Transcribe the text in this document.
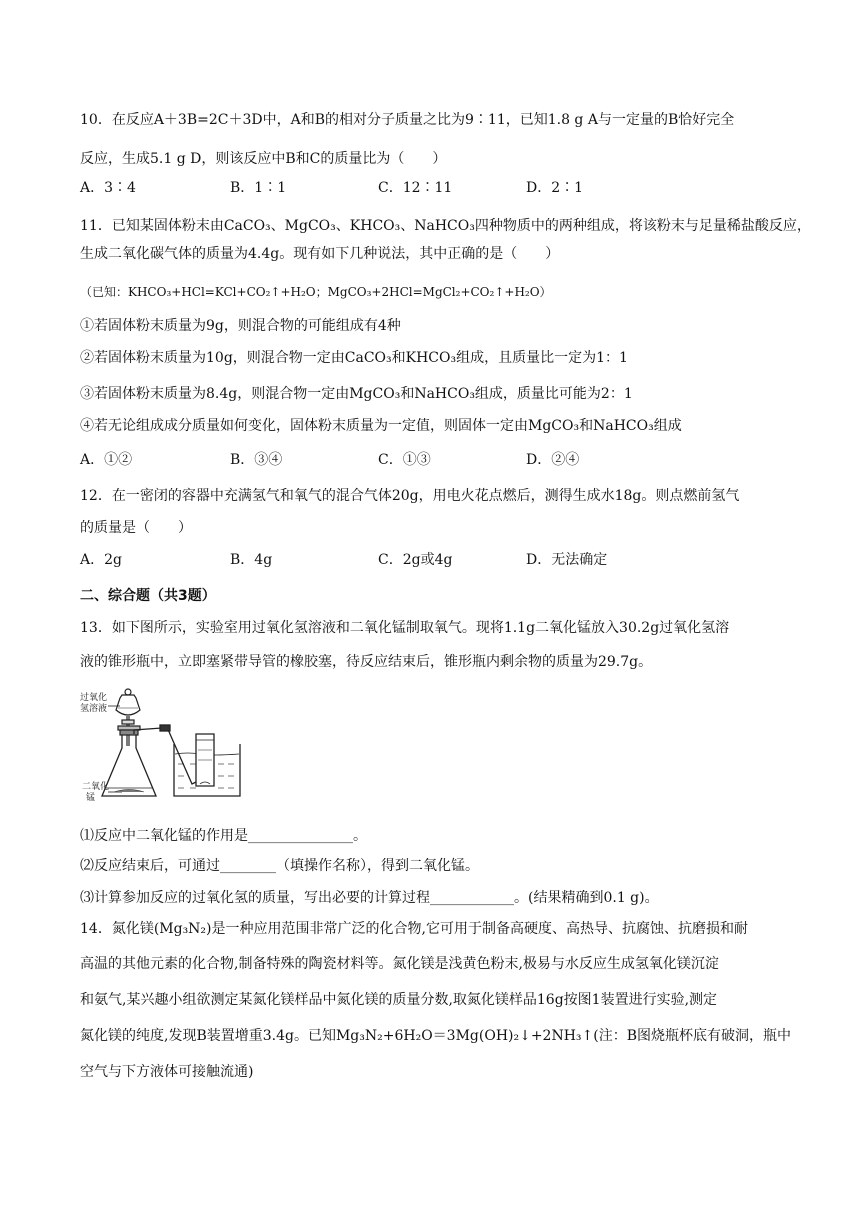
10．在反应A＋3B=2C＋3D中，A和B的相对分子质量之比为9∶11，已知1.8 g A与一定量的B恰好完全
反应，生成5.1 g D，则该反应中B和C的质量比为（　　）
A．3∶4	B．1∶1	C．12∶11	D．2∶1
11．已知某固体粉末由CaCO₃、MgCO₃、KHCO₃、NaHCO₃四种物质中的两种组成，将该粉末与足量稀盐酸反应，
生成二氧化碳气体的质量为4.4g。现有如下几种说法，其中正确的是（　　）
（已知：KHCO₃+HCl=KCl+CO₂↑+H₂O；MgCO₃+2HCl=MgCl₂+CO₂↑+H₂O）
①若固体粉末质量为9g，则混合物的可能组成有4种
②若固体粉末质量为10g，则混合物一定由CaCO₃和KHCO₃组成，且质量比一定为1：1
③若固体粉末质量为8.4g，则混合物一定由MgCO₃和NaHCO₃组成，质量比可能为2：1
④若无论组成成分质量如何变化，固体粉末质量为一定值，则固体一定由MgCO₃和NaHCO₃组成
A．①②	B．③④	C．①③	D．②④
12．在一密闭的容器中充满氢气和氧气的混合气体20g，用电火花点燃后，测得生成水18g。则点燃前氢气
的质量是（　　）
A．2g	B．4g	C．2g或4g	D．无法确定
二、综合题（共3题）
13．如下图所示，实验室用过氧化氢溶液和二氧化锰制取氧气。现将1.1g二氧化锰放入30.2g过氧化氢溶
液的锥形瓶中，立即塞紧带导管的橡胶塞，待反应结束后，锥形瓶内剩余物的质量为29.7g。
过氧化
氢溶液
二氧化
锰
⑴反应中二氧化锰的作用是_______________。
⑵反应结束后，可通过________（填操作名称），得到二氧化锰。
⑶计算参加反应的过氧化氢的质量，写出必要的计算过程____________。(结果精确到0.1 g)。
14．氮化镁(Mg₃N₂)是一种应用范围非常广泛的化合物,它可用于制备高硬度、高热导、抗腐蚀、抗磨损和耐
高温的其他元素的化合物,制备特殊的陶瓷材料等。氮化镁是浅黄色粉末,极易与水反应生成氢氧化镁沉淀
和氨气,某兴趣小组欲测定某氮化镁样品中氮化镁的质量分数,取氮化镁样品16g按图1装置进行实验,测定
氮化镁的纯度,发现B装置增重3.4g。已知Mg₃N₂+6H₂O＝3Mg(OH)₂↓+2NH₃↑(注：B图烧瓶杯底有破洞，瓶中
空气与下方液体可接触流通)
